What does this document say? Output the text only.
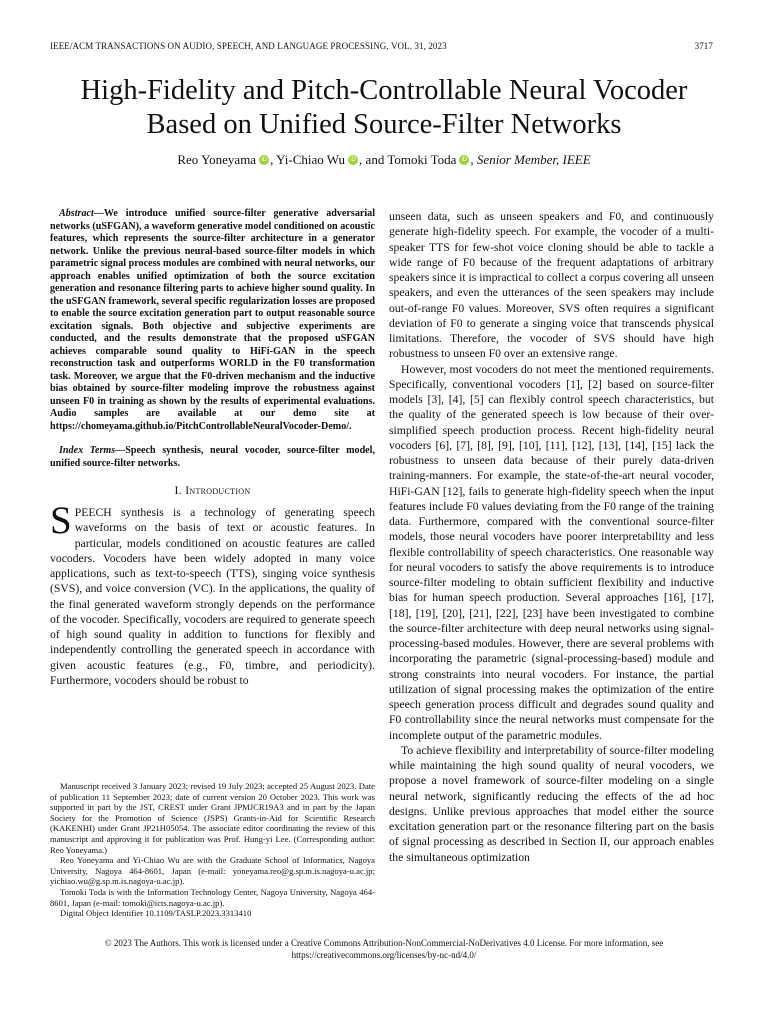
IEEE/ACM TRANSACTIONS ON AUDIO, SPEECH, AND LANGUAGE PROCESSING, VOL. 31, 2023	3717
High-Fidelity and Pitch-Controllable Neural Vocoder
Based on Unified Source-Filter Networks
Reo Yoneyama iD , Yi-Chiao Wu iD , and Tomoki Toda iD , Senior Member, IEEE

Abstract—We introduce unified source-filter generative adversarial networks (uSFGAN), a waveform generative model conditioned on acoustic features, which represents the source-filter architecture in a generator network. Unlike the previous neural-based source-filter models in which parametric signal process modules are combined with neural networks, our approach enables unified optimization of both the source excitation generation and resonance filtering parts to achieve higher sound quality. In the uSFGAN framework, several specific regularization losses are proposed to enable the source excitation generation part to output reasonable source excitation signals. Both objective and subjective experiments are conducted, and the results demonstrate that the proposed uSFGAN achieves comparable sound quality to HiFi-GAN in the speech reconstruction task and outperforms WORLD in the F0 transformation task. Moreover, we argue that the F0-driven mechanism and the inductive bias obtained by source-filter modeling improve the robustness against unseen F0 in training as shown by the results of experimental evaluations. Audio samples are available at our demo site at https://chomeyama.github.io/PitchControllableNeuralVocoder-Demo/.

Index Terms—Speech synthesis, neural vocoder, source-filter model, unified source-filter networks.

I. Introduction

SPEECH synthesis is a technology of generating speech waveforms on the basis of text or acoustic features. In particular, models conditioned on acoustic features are called vocoders. Vocoders have been widely adopted in many voice applications, such as text-to-speech (TTS), singing voice synthesis (SVS), and voice conversion (VC). In the applications, the quality of the final generated waveform strongly depends on the performance of the vocoder. Specifically, vocoders are required to generate speech of high sound quality in addition to functions for flexibly and independently controlling the generated speech in accordance with given acoustic features (e.g., F0, timbre, and periodicity). Furthermore, vocoders should be robust to

Manuscript received 3 January 2023; revised 19 July 2023; accepted 25 August 2023. Date of publication 11 September 2023; date of current version 20 October 2023. This work was supported in part by the JST, CREST under Grant JPMJCR19A3 and in part by the Japan Society for the Promotion of Science (JSPS) Grants-in-Aid for Scientific Research (KAKENHI) under Grant JP21H05054. The associate editor coordinating the review of this manuscript and approving it for publication was Prof. Hung-yi Lee. (Corresponding author: Reo Yoneyama.)

Reo Yoneyama and Yi-Chiao Wu are with the Graduate School of Informatics, Nagoya University, Nagoya 464-8601, Japan (e-mail: yoneyama.reo@g.sp.m.is.nagoya-u.ac.jp; yichiao.wu@g.sp.m.is.nagoya-u.ac.jp).

Tomoki Toda is with the Information Technology Center, Nagoya University, Nagoya 464-8601, Japan (e-mail: tomoki@icts.nagoya-u.ac.jp).

Digital Object Identifier 10.1109/TASLP.2023.3313410

unseen data, such as unseen speakers and F0, and continuously generate high-fidelity speech. For example, the vocoder of a multi-speaker TTS for few-shot voice cloning should be able to tackle a wide range of F0 because of the frequent adaptations of arbitrary speakers since it is impractical to collect a corpus covering all unseen speakers, and even the utterances of the seen speakers may include out-of-range F0 values. Moreover, SVS often requires a significant deviation of F0 to generate a singing voice that transcends physical limitations. Therefore, the vocoder of SVS should have high robustness to unseen F0 over an extensive range.

However, most vocoders do not meet the mentioned requirements. Specifically, conventional vocoders [1], [2] based on source-filter models [3], [4], [5] can flexibly control speech characteristics, but the quality of the generated speech is low because of their over-simplified speech production process. Recent high-fidelity neural vocoders [6], [7], [8], [9], [10], [11], [12], [13], [14], [15] lack the robustness to unseen data because of their purely data-driven training-manners. For example, the state-of-the-art neural vocoder, HiFi-GAN [12], fails to generate high-fidelity speech when the input features include F0 values deviating from the F0 range of the training data. Furthermore, compared with the conventional source-filter models, those neural vocoders have poorer interpretability and less flexible controllability of speech characteristics. One reasonable way for neural vocoders to satisfy the above requirements is to introduce source-filter modeling to obtain sufficient flexibility and inductive bias for human speech production. Several approaches [16], [17], [18], [19], [20], [21], [22], [23] have been investigated to combine the source-filter architecture with deep neural networks using signal-processing-based modules. However, there are several problems with incorporating the parametric (signal-processing-based) module and strong constraints into neural vocoders. For instance, the partial utilization of signal processing makes the optimization of the entire speech generation process difficult and degrades sound quality and F0 controllability since the neural networks must compensate for the incomplete output of the parametric modules.

To achieve flexibility and interpretability of source-filter modeling while maintaining the high sound quality of neural vocoders, we propose a novel framework of source-filter modeling on a single neural network, significantly reducing the effects of the ad hoc designs. Unlike previous approaches that model either the source excitation generation part or the resonance filtering part on the basis of signal processing as described in Section II, our approach enables the simultaneous optimization

© 2023 The Authors. This work is licensed under a Creative Commons Attribution-NonCommercial-NoDerivatives 4.0 License. For more information, see
https://creativecommons.org/licenses/by-nc-nd/4.0/
